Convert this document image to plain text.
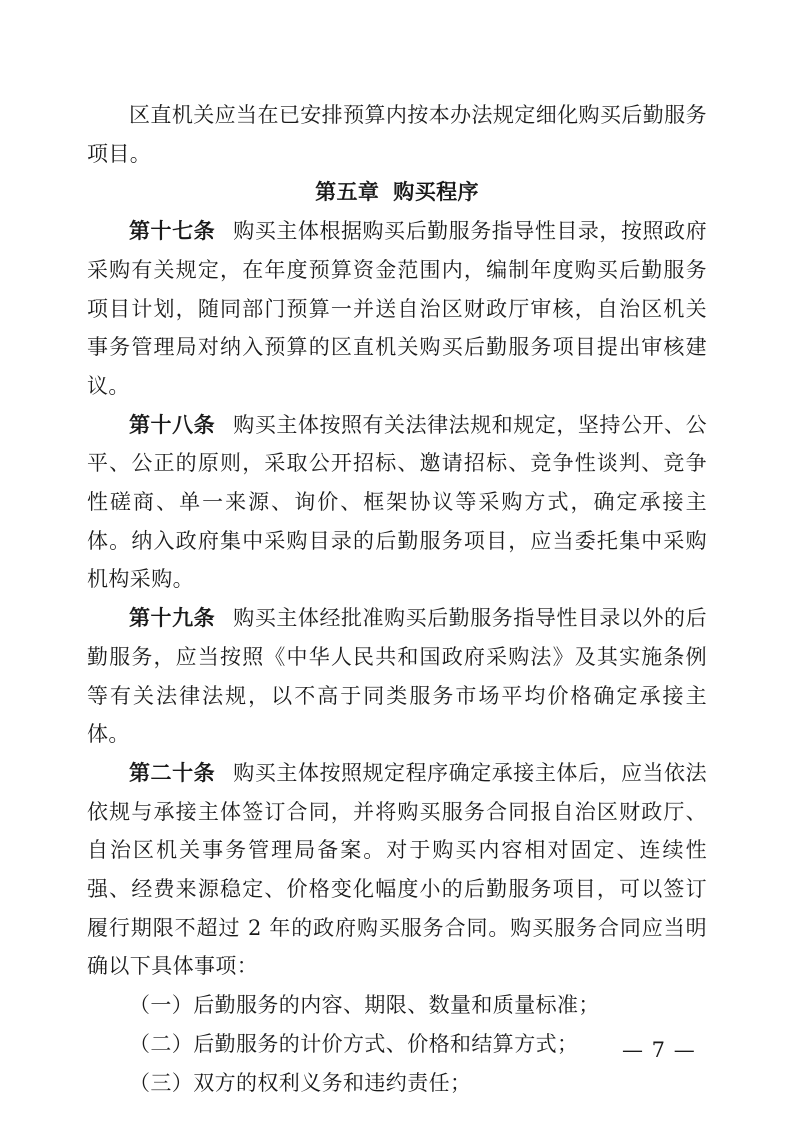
区直机关应当在已安排预算内按本办法规定细化购买后勤服务项目。

第五章 购买程序

第十七条 购买主体根据购买后勤服务指导性目录，按照政府采购有关规定，在年度预算资金范围内，编制年度购买后勤服务项目计划，随同部门预算一并送自治区财政厅审核，自治区机关事务管理局对纳入预算的区直机关购买后勤服务项目提出审核建议。

第十八条 购买主体按照有关法律法规和规定，坚持公开、公平、公正的原则，采取公开招标、邀请招标、竞争性谈判、竞争性磋商、单一来源、询价、框架协议等采购方式，确定承接主体。纳入政府集中采购目录的后勤服务项目，应当委托集中采购机构采购。

第十九条 购买主体经批准购买后勤服务指导性目录以外的后勤服务，应当按照《中华人民共和国政府采购法》及其实施条例等有关法律法规，以不高于同类服务市场平均价格确定承接主体。

第二十条 购买主体按照规定程序确定承接主体后，应当依法依规与承接主体签订合同，并将购买服务合同报自治区财政厅、自治区机关事务管理局备案。对于购买内容相对固定、连续性强、经费来源稳定、价格变化幅度小的后勤服务项目，可以签订履行期限不超过 2 年的政府购买服务合同。购买服务合同应当明确以下具体事项：

（一）后勤服务的内容、期限、数量和质量标准；

（二）后勤服务的计价方式、价格和结算方式；

（三）双方的权利义务和违约责任；

— 7 —
